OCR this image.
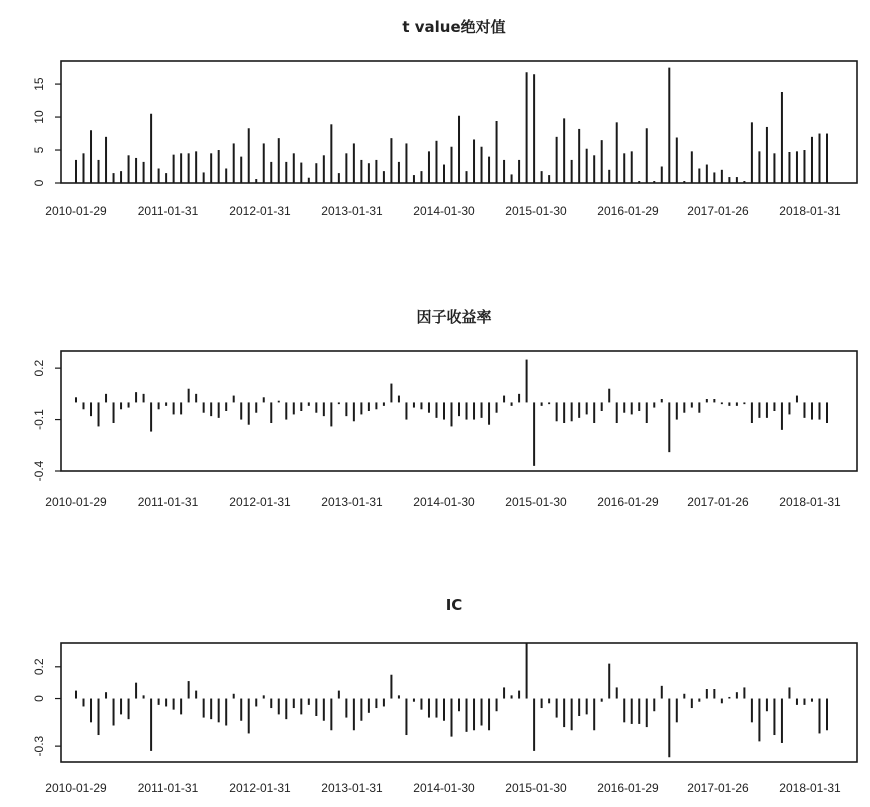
t value绝对值
0
5
10
15
2010-01-29	2011-01-31	2012-01-31	2013-01-31	2014-01-30	2015-01-30	2016-01-29 2017-01-26	2018-01-31
因子收益率
-0.4
-0.1
0.2
2010-01-29	2011-01-31	2012-01-31	2013-01-31	2014-01-30	2015-01-30	2016-01-29 2017-01-26	2018-01-31
IC
-0.3
0
0.2
2010-01-29	2011-01-31	2012-01-31	2013-01-31	2014-01-30	2015-01-30	2016-01-29 2017-01-26	2018-01-31
